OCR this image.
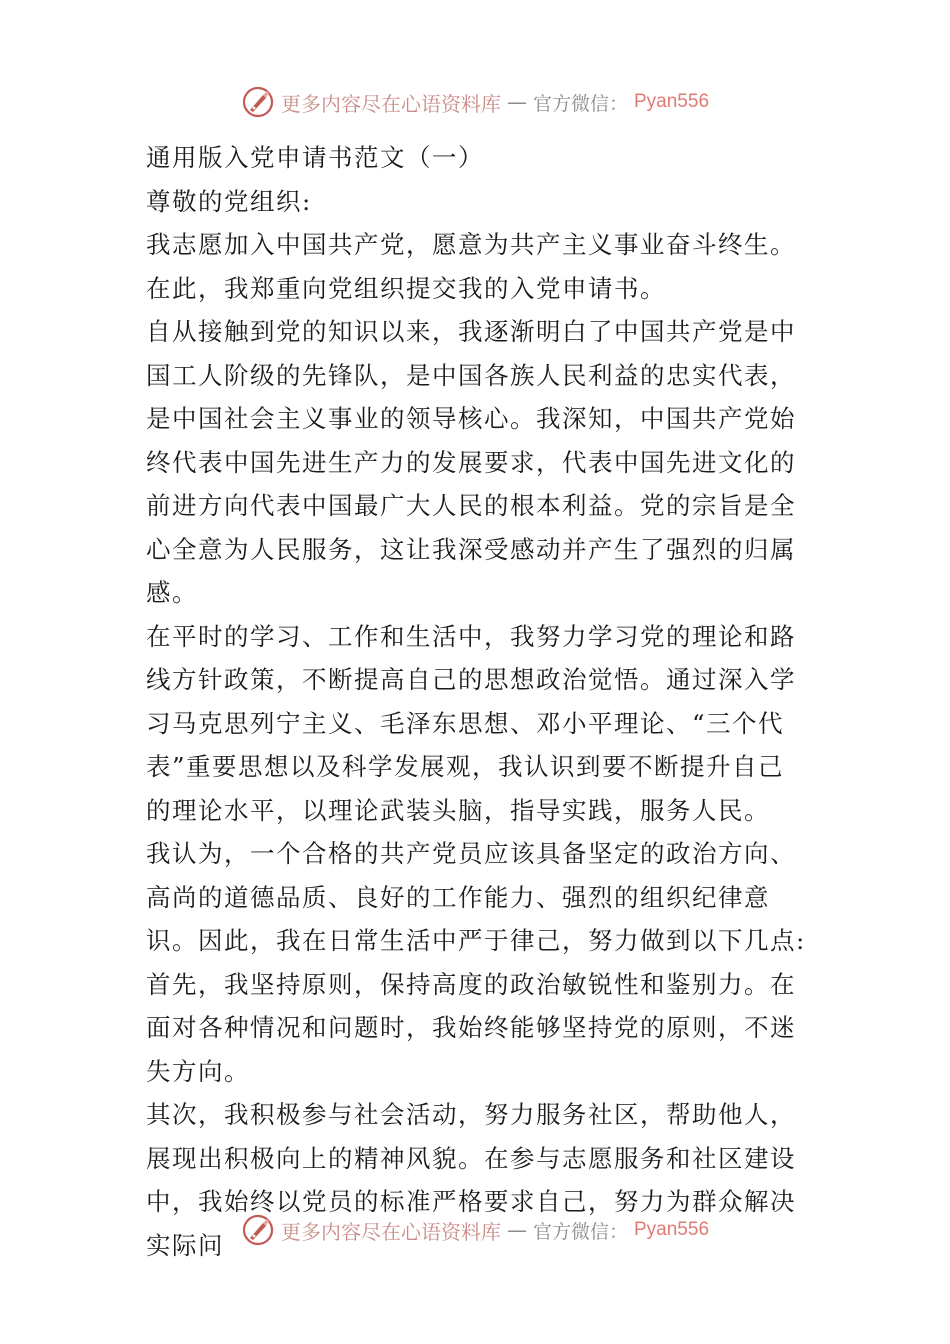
更多内容尽在心语资料库 — 官方微信： Pyan556

通用版入党申请书范文（一）

尊敬的党组织:

我志愿加入中国共产党，愿意为共产主义事业奋斗终生。在此，我郑重向党组织提交我的入党申请书。

自从接触到党的知识以来，我逐渐明白了中国共产党是中国工人阶级的先锋队，是中国各族人民利益的忠实代表，是中国社会主义事业的领导核心。我深知，中国共产党始终代表中国先进生产力的发展要求，代表中国先进文化的前进方向代表中国最广大人民的根本利益。党的宗旨是全心全意为人民服务，这让我深受感动并产生了强烈的归属感。

在平时的学习、工作和生活中，我努力学习党的理论和路线方针政策，不断提高自己的思想政治觉悟。通过深入学习马克思列宁主义、毛泽东思想、邓小平理论、“三个代表”重要思想以及科学发展观，我认识到要不断提升自己的理论水平，以理论武装头脑，指导实践，服务人民。

我认为，一个合格的共产党员应该具备坚定的政治方向、高尚的道德品质、良好的工作能力、强烈的组织纪律意识。因此，我在日常生活中严于律己，努力做到以下几点:

首先，我坚持原则，保持高度的政治敏锐性和鉴别力。在面对各种情况和问题时，我始终能够坚持党的原则，不迷失方向。

其次，我积极参与社会活动，努力服务社区，帮助他人，展现出积极向上的精神风貌。在参与志愿服务和社区建设中，我始终以党员的标准严格要求自己，努力为群众解决实际问	更多内容尽在心语资料库 — 官方微信： Pyan556
